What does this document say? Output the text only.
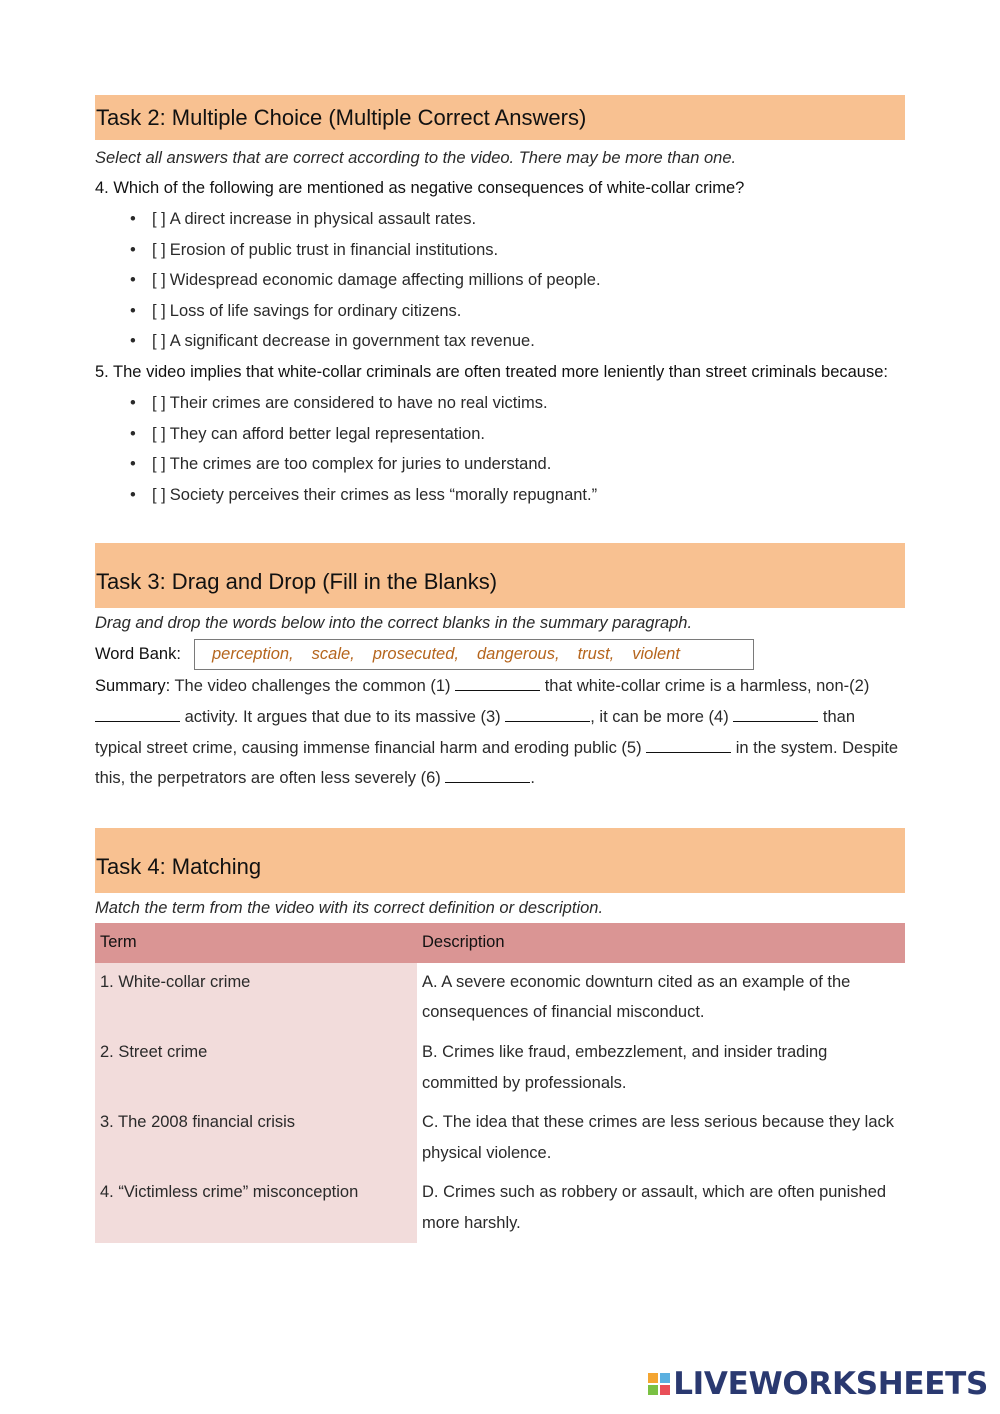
Task 2: Multiple Choice (Multiple Correct Answers)
Select all answers that are correct according to the video. There may be more than one.
4. Which of the following are mentioned as negative consequences of white-collar crime?
• [ ] A direct increase in physical assault rates.
• [ ] Erosion of public trust in financial institutions.
• [ ] Widespread economic damage affecting millions of people.
• [ ] Loss of life savings for ordinary citizens.
• [ ] A significant decrease in government tax revenue.
5. The video implies that white-collar criminals are often treated more leniently than street criminals because:
• [ ] Their crimes are considered to have no real victims.
• [ ] They can afford better legal representation.
• [ ] The crimes are too complex for juries to understand.
• [ ] Society perceives their crimes as less “morally repugnant.”
Task 3: Drag and Drop (Fill in the Blanks)
Drag and drop the words below into the correct blanks in the summary paragraph.
Word Bank:	perception, scale, prosecuted, dangerous, trust, violent
Summary: The video challenges the common (1)	that white-collar crime is a harmless, non-(2)  activity. It argues that due to its massive (3)	, it can be more (4)	than typical street crime, causing immense financial harm and eroding public (5)	in the system. Despite this, the perpetrators are often less severely (6)	.
Task 4: Matching
Match the term from the video with its correct definition or description.
Term	Description
1. White-collar crime	A. A severe economic downturn cited as an example of the consequences of financial misconduct.
2. Street crime	B. Crimes like fraud, embezzlement, and insider trading committed by professionals.
3. The 2008 financial crisis	C. The idea that these crimes are less serious because they lack physical violence.
4. “Victimless crime” misconception	D. Crimes such as robbery or assault, which are often punished more harshly.
LIVEWORKSHEETS
